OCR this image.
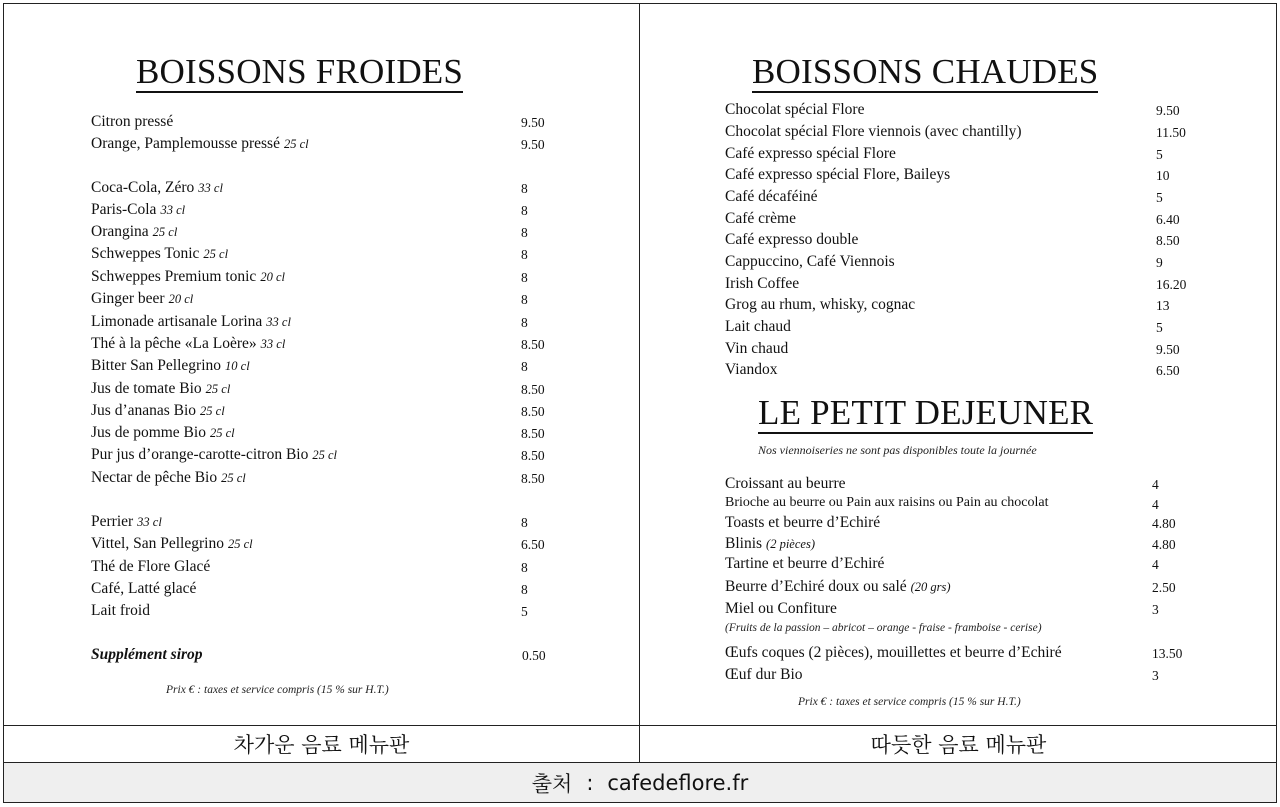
BOISSONS FROIDES
Citron pressé	9.50
Orange, Pamplemousse pressé 25 cl	9.50
Coca-Cola, Zéro 33 cl	8
Paris-Cola 33 cl	8
Orangina 25 cl	8
Schweppes Tonic 25 cl	8
Schweppes Premium tonic 20 cl	8
Ginger beer 20 cl	8
Limonade artisanale Lorina 33 cl	8
Thé à la pêche «La Loère» 33 cl	8.50
Bitter San Pellegrino 10 cl	8
Jus de tomate Bio 25 cl	8.50
Jus d’ananas Bio 25 cl	8.50
Jus de pomme Bio 25 cl	8.50
Pur jus d’orange-carotte-citron Bio 25 cl	8.50
Nectar de pêche Bio 25 cl	8.50
Perrier 33 cl	8
Vittel, San Pellegrino 25 cl	6.50
Thé de Flore Glacé	8
Café, Latté glacé	8
Lait froid	5
Supplément sirop	0.50
Prix € : taxes et service compris (15 % sur H.T.)
BOISSONS CHAUDES
Chocolat spécial Flore	9.50
Chocolat spécial Flore viennois (avec chantilly)	11.50
Café expresso spécial Flore	5
Café expresso spécial Flore, Baileys	10
Café décaféiné	5
Café crème	6.40
Café expresso double	8.50
Cappuccino, Café Viennois	9
Irish Coffee	16.20
Grog au rhum, whisky, cognac	13
Lait chaud	5
Vin chaud	9.50
Viandox	6.50
LE PETIT DEJEUNER
Nos viennoiseries ne sont pas disponibles toute la journée
Croissant au beurre	4
Brioche au beurre ou Pain aux raisins ou Pain au chocolat	4
Toasts et beurre d’Echiré	4.80
Blinis (2 pièces)	4.80
Tartine et beurre d’Echiré	4
Beurre d’Echiré doux ou salé (20 grs)	2.50
Miel ou Confiture	3
Œufs coques (2 pièces), mouillettes et beurre d’Echiré	13.50
Œuf dur Bio	3
(Fruits de la passion – abricot – orange - fraise - framboise - cerise)
Prix € : taxes et service compris (15 % sur H.T.)
차가운 음료 메뉴판	따듯한 음료 메뉴판
출처 : cafedeflore.fr
